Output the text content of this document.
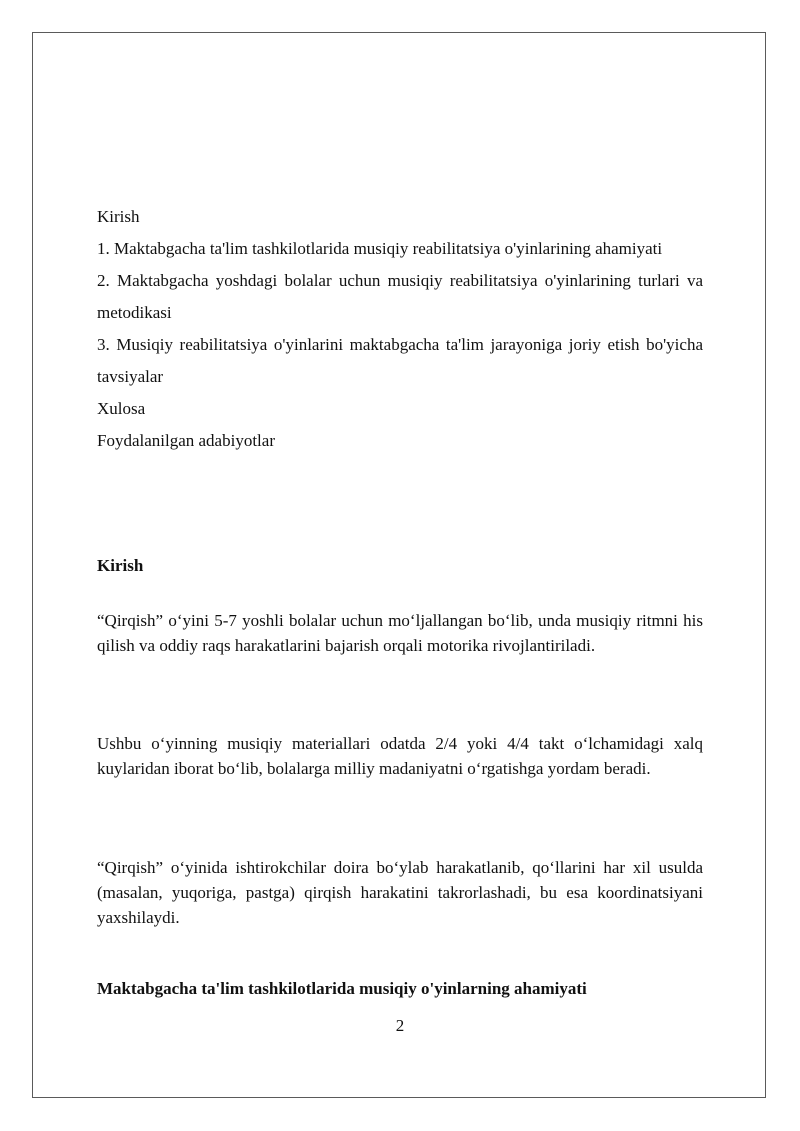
Kirish

1. Maktabgacha ta'lim tashkilotlarida musiqiy reabilitatsiya o'yinlarining ahamiyati

2. Maktabgacha yoshdagi bolalar uchun musiqiy reabilitatsiya o'yinlarining turlari va metodikasi

3. Musiqiy reabilitatsiya o'yinlarini maktabgacha ta'lim jarayoniga joriy etish bo'yicha tavsiyalar

Xulosa

Foydalanilgan adabiyotlar

Kirish

“Qirqish” o‘yini 5-7 yoshli bolalar uchun mo‘ljallangan bo‘lib, unda musiqiy ritmni his qilish va oddiy raqs harakatlarini bajarish orqali motorika rivojlantiriladi.

Ushbu o‘yinning musiqiy materiallari odatda 2/4 yoki 4/4 takt o‘lchamidagi xalq kuylaridan iborat bo‘lib, bolalarga milliy madaniyatni o‘rgatishga yordam beradi.

“Qirqish” o‘yinida ishtirokchilar doira bo‘ylab harakatlanib, qo‘llarini har xil usulda (masalan, yuqoriga, pastga) qirqish harakatini takrorlashadi, bu esa koordinatsiyani yaxshilaydi.

Maktabgacha ta'lim tashkilotlarida musiqiy o'yinlarning ahamiyati
2
